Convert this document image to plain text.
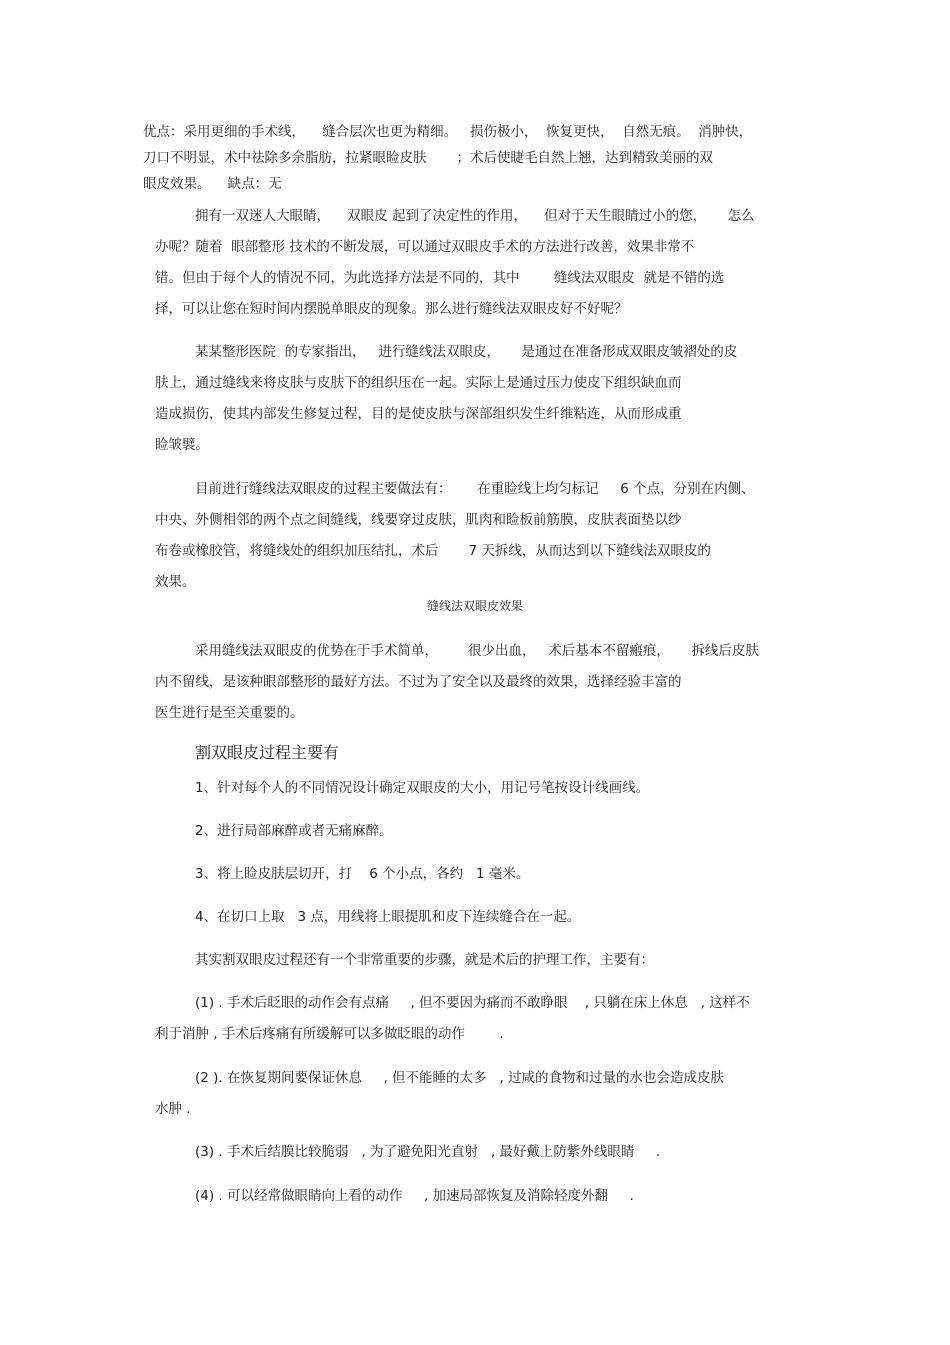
优点：采用更细的手术线，    缝合层次也更为精细。   损伤极小，  恢复更快，  自然无痕。  消肿快，
刀口不明显，术中祛除多余脂肪，拉紧眼睑皮肤       ；术后使睫毛自然上翘，达到精致美丽的双
眼皮效果。    缺点：无
拥有一双迷人大眼睛，    双眼皮 起到了决定性的作用，    但对于天生眼睛过小的您，     怎么
办呢？随着  眼部整形 技术的不断发展，可以通过双眼皮手术的方法进行改善，效果非常不
错。但由于每个人的情况不同，为此选择方法是不同的，其中        缝线法双眼皮  就是不错的选
择，可以让您在短时间内摆脱单眼皮的现象。那么进行缝线法双眼皮好不好呢？
某某整形医院  的专家指出，   进行缝线法双眼皮，     是通过在准备形成双眼皮皱褶处的皮
肤上，通过缝线来将皮肤与皮肤下的组织压在一起。实际上是通过压力使皮下组织缺血而
造成损伤，使其内部发生修复过程，目的是使皮肤与深部组织发生纤维粘连，从而形成重
睑皱襞。
目前进行缝线法双眼皮的过程主要做法有：      在重睑线上均匀标记     6 个点，分别在内侧、
中央、外侧相邻的两个点之间缝线，线要穿过皮肤，肌肉和睑板前筋膜，皮肤表面垫以纱
布卷或橡胶管，将缝线处的组织加压结扎，术后       7 天拆线，从而达到以下缝线法双眼皮的
效果。
缝线法双眼皮效果
采用缝线法双眼皮的优势在于手术简单，       很少出血，   术后基本不留瘢痕，     拆线后皮肤
内不留线，是该种眼部整形的最好方法。不过为了安全以及最终的效果，选择经验丰富的
医生进行是至关重要的。
割双眼皮过程主要有
1、针对每个人的不同情况设计确定双眼皮的大小，用记号笔按设计线画线。
2、进行局部麻醉或者无痛麻醉。
3、将上睑皮肤层切开，打    6 个小点，各约   1 毫米。
4、在切口上取   3 点，用线将上眼提肌和皮下连续缝合在一起。
其实割双眼皮过程还有一个非常重要的步骤，就是术后的护理工作，主要有：
(1) . 手术后眨眼的动作会有点痛     , 但不要因为痛而不敢睁眼    , 只躺在床上休息   , 这样不
利于消肿 , 手术后疼痛有所缓解可以多做眨眼的动作        .
(2 ). 在恢复期间要保证休息     , 但不能睡的太多   , 过咸的食物和过量的水也会造成皮肤
水肿 .
(3) . 手术后结膜比较脆弱   , 为了避免阳光直射   , 最好戴上防紫外线眼睛     .
(4) . 可以经常做眼睛向上看的动作     , 加速局部恢复及消除轻度外翻     .
